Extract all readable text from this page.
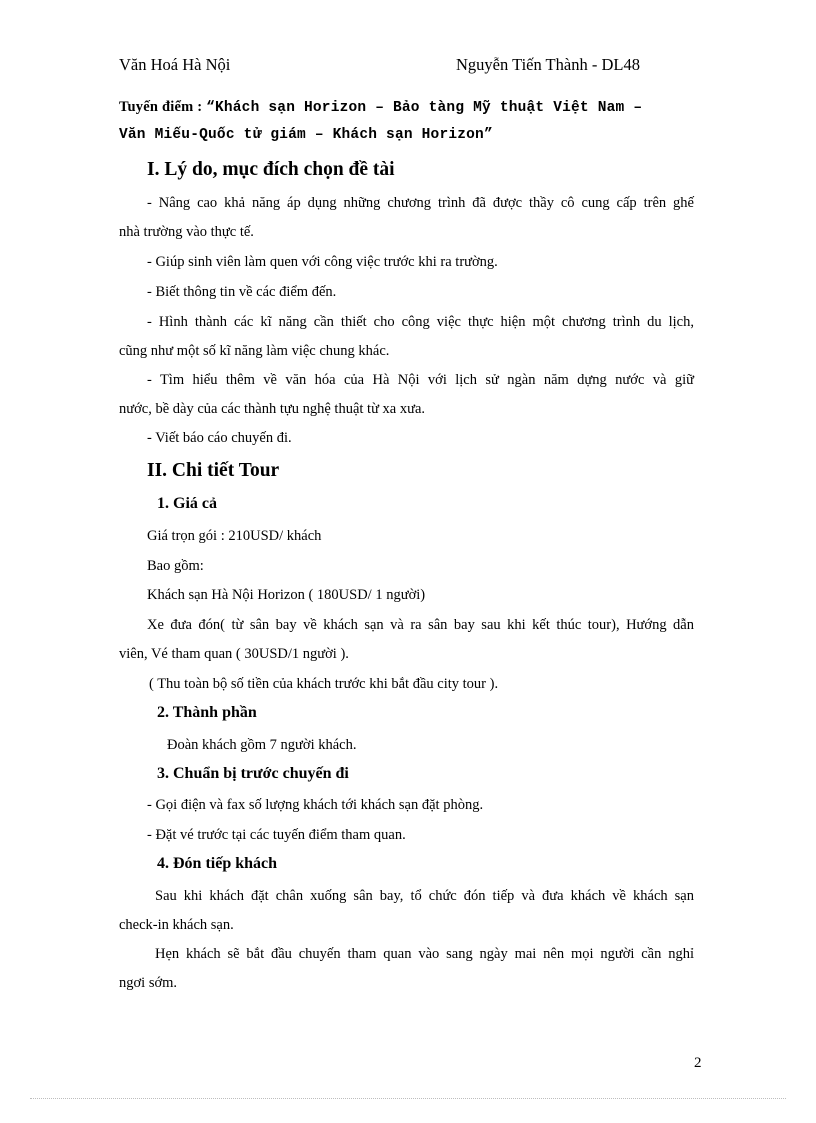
Văn Hoá Hà Nội	Nguyễn Tiến Thành - DL48
Tuyến điểm : “Khách sạn Horizon – Bảo tàng Mỹ thuật Việt Nam –
Văn Miếu-Quốc tử giám – Khách sạn Horizon”
I. Lý do, mục đích chọn đề tài
- Nâng cao khả năng áp dụng những chương trình đã được thầy cô cung cấp trên ghế
nhà trường vào thực tế.
- Giúp sinh viên làm quen với công việc trước khi ra trường.
- Biết thông tin về các điểm đến.
- Hình thành các kĩ năng cần thiết cho công việc thực hiện một chương trình du lịch,
cũng như một số kĩ năng làm việc chung khác.
- Tìm hiểu thêm về văn hóa của Hà Nội với lịch sử ngàn năm dựng nước và giữ
nước, bề dày của các thành tựu nghệ thuật từ xa xưa.
- Viết báo cáo chuyến đi.
II. Chi tiết Tour
1. Giá cả
Giá trọn gói : 210USD/ khách
Bao gồm:
Khách sạn Hà Nội Horizon ( 180USD/ 1 người)
Xe đưa đón( từ sân bay về khách sạn và ra sân bay sau khi kết thúc tour), Hướng dẫn
viên, Vé tham quan ( 30USD/1 người ).
( Thu toàn bộ số tiền của khách trước khi bắt đầu city tour ).
2. Thành phần
Đoàn khách gồm 7 người khách.
3. Chuẩn bị trước chuyến đi
- Gọi điện và fax số lượng khách tới khách sạn đặt phòng.
- Đặt vé trước tại các tuyến điểm tham quan.
4. Đón tiếp khách
Sau khi khách đặt chân xuống sân bay, tổ chức đón tiếp và đưa khách về khách sạn
check-in khách sạn.
Hẹn khách sẽ bắt đầu chuyến tham quan vào sang ngày mai nên mọi người cần nghỉ
ngơi sớm.
2
